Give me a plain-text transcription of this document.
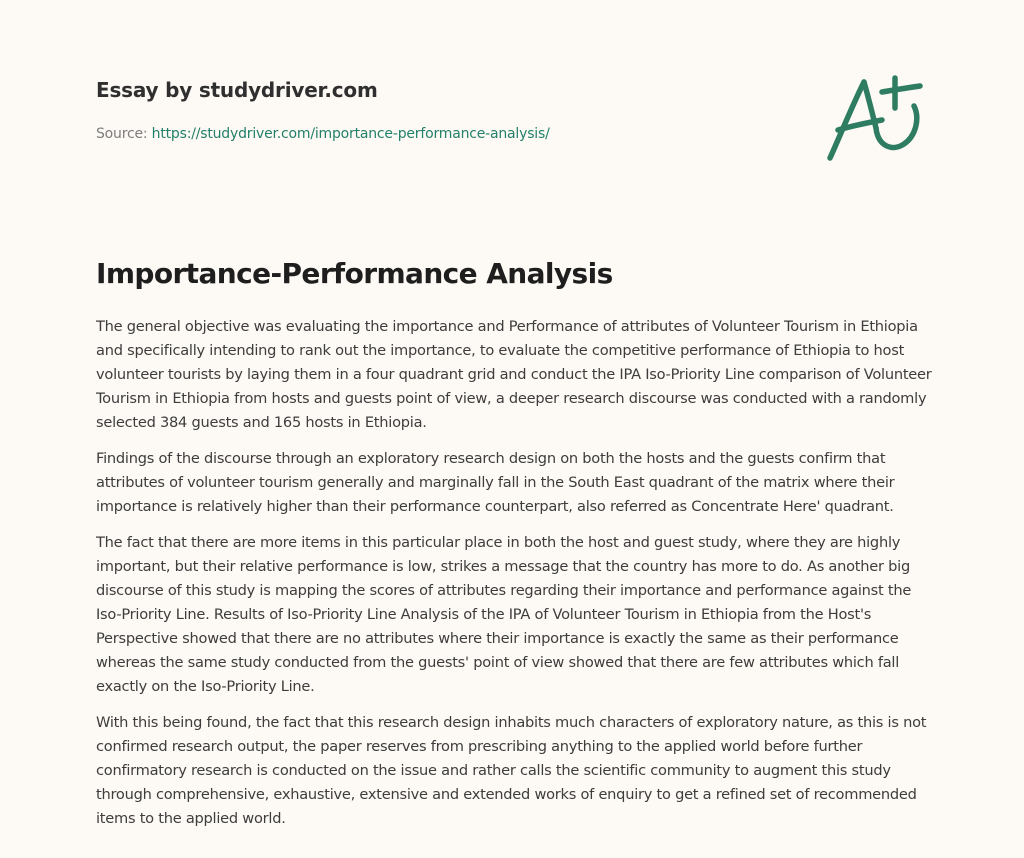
Essay by studydriver.com
Source: https://studydriver.com/importance-performance-analysis/
Importance-Performance Analysis

The general objective was evaluating the importance and Performance of attributes of Volunteer Tourism in Ethiopia and specifically intending to rank out the importance, to evaluate the competitive performance of Ethiopia to host volunteer tourists by laying them in a four quadrant grid and conduct the IPA Iso-Priority Line comparison of Volunteer Tourism in Ethiopia from hosts and guests point of view, a deeper research discourse was conducted with a randomly selected 384 guests and 165 hosts in Ethiopia.

Findings of the discourse through an exploratory research design on both the hosts and the guests confirm that attributes of volunteer tourism generally and marginally fall in the South East quadrant of the matrix where their importance is relatively higher than their performance counterpart, also referred as Concentrate Here' quadrant.

The fact that there are more items in this particular place in both the host and guest study, where they are highly important, but their relative performance is low, strikes a message that the country has more to do. As another big discourse of this study is mapping the scores of attributes regarding their importance and performance against the Iso-Priority Line. Results of Iso-Priority Line Analysis of the IPA of Volunteer Tourism in Ethiopia from the Host's Perspective showed that there are no attributes where their importance is exactly the same as their performance whereas the same study conducted from the guests' point of view showed that there are few attributes which fall exactly on the Iso-Priority Line.

With this being found, the fact that this research design inhabits much characters of exploratory nature, as this is not confirmed research output, the paper reserves from prescribing anything to the applied world before further confirmatory research is conducted on the issue and rather calls the scientific community to augment this study through comprehensive, exhaustive, extensive and extended works of enquiry to get a refined set of recommended items to the applied world.
